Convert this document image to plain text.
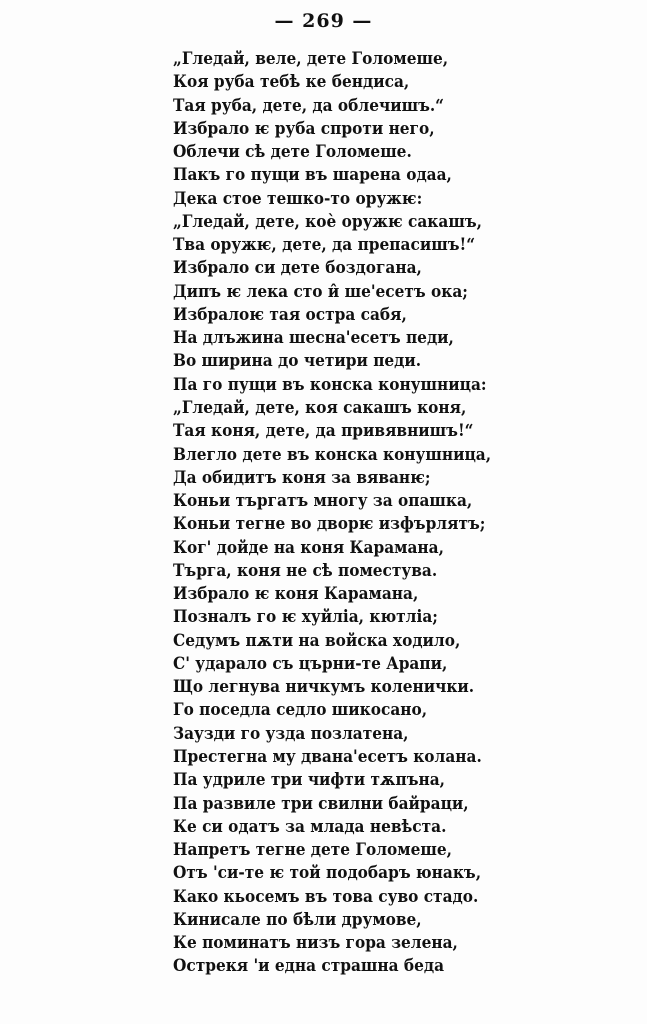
— 269 —
„Гледай, веле, дете Голомеше,
Коя руба тебѣ ке бендиса,
Тая руба, дете, да облечишъ.“
Избрало ѥ руба спроти него,
Облечи сѣ дете Голомеше.
Пакъ го пущи въ шарена одаа,
Дека стое тешко-то оружѥ:
„Гледай, дете, коѐ оружѥ сакашъ,
Тва оружѥ, дете, да препасишъ!“
Избрало си дете боздогана,
Дипъ ѥ лека сто и̂ ше'есетъ ока;
Избралоѥ тая остра сабя,
На длъжина шесна'есетъ педи,
Во ширина до четири педи.
Па го пущи въ конска конушница:
„Гледай, дете, коя сакашъ коня,
Тая коня, дете, да привявнишъ!“
Влегло дете въ конска конушница,
Да обидитъ коня за вяванѥ;
Коньи търгатъ многу за опашка,
Коньи тегне во дворѥ изфърлятъ;
Ког' дойде на коня Карамана,
Търга, коня не сѣ поместува.
Избрало ѥ коня Карамана,
Позналъ го ѥ хуйліа, кютліа;
Седумъ пѫти на войска ходило,
С' ударало съ църни-те Арапи,
Що легнува ничкумъ коленички.
Го поседла седло шикосано,
Заузди го узда позлатена,
Престегна му двана'есетъ колана.
Па удриле три чифти тѫпъна,
Па развиле три свилни байраци,
Ке си одатъ за млада невѣста.
Напретъ тегне дете Голомеше,
Отъ 'си-те ѥ той подобаръ юнакъ,
Како кьосемъ въ това суво стадо.
Кинисале по бѣли друмове,
Ке поминатъ низъ гора зелена,
Острекя 'и една страшна беда
